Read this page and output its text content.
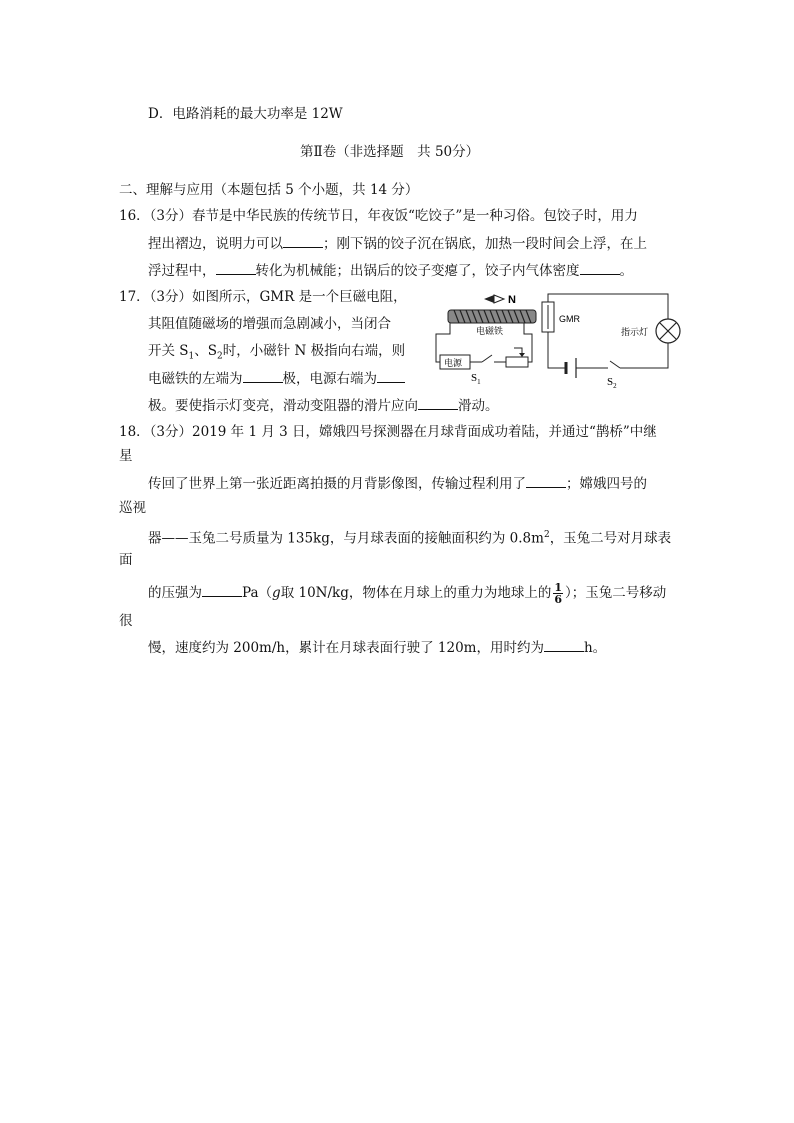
D．电路消耗的最大功率是 12W
第Ⅱ卷（非选择题　共 50分）
二、理解与应用（本题包括 5 个小题，共 14 分）
16．（3分）春节是中华民族的传统节日，年夜饭“吃饺子”是一种习俗。包饺子时，用力
捏出褶边，说明力可以	；刚下锅的饺子沉在锅底，加热一段时间会上浮，在上
浮过程中，	转化为机械能；出锅后的饺子变瘪了，饺子内气体密度	。
17．（3分）如图所示，GMR 是一个巨磁电阻，
其阻值随磁场的增强而急剧减小，当闭合
开关 $S_1$、$S_2$时，小磁针 N 极指向右端，则
电磁铁的左端为	极，电源右端为
极。要使指示灯变亮，滑动变阻器的滑片应向	滑动。
N
电磁铁
电源
$S_1$
GMR
指示灯
$S_2$
18．（3分）2019 年 1 月 3 日，嫦娥四号探测器在月球背面成功着陆，并通过“鹊桥”中继
星
传回了世界上第一张近距离拍摄的月背影像图，传输过程利用了	；嫦娥四号的
巡视
器——玉兔二号质量为 135kg，与月球表面的接触面积约为 $0.8m^2$，玉兔二号对月球表
面
的压强为	Pa（g取 10N/kg，物体在月球上的重力为地球上的 $\frac{1}{6}$ ）；玉兔二号移动
很
慢，速度约为 200m/h，累计在月球表面行驶了 120m，用时约为	h。
